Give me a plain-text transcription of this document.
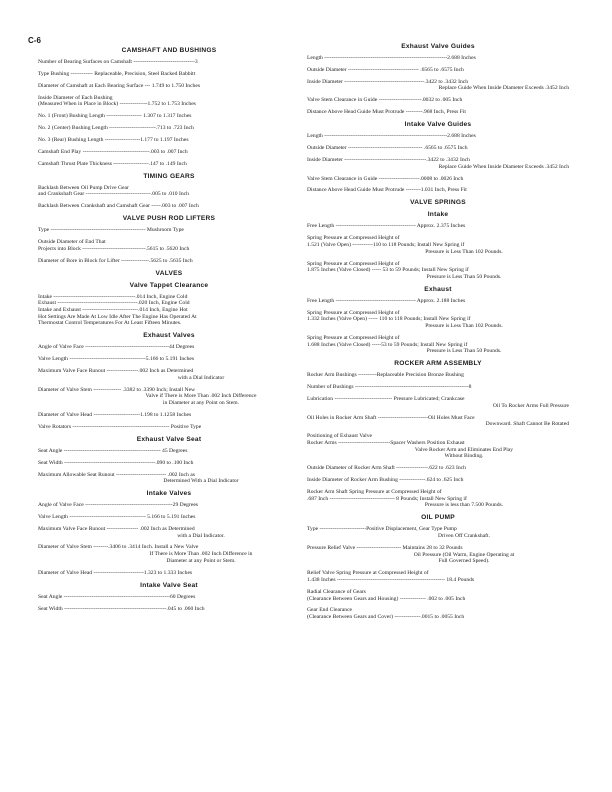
C-6
CAMSHAFT AND BUSHINGS
Number of Bearing Surfaces on Camshaft ---------------------------------3
Type Bushing ------------ Replaceable, Precision, Steel Backed Babbitt
Diameter of Camshaft at Each Bearing Surface --- 1.749 to 1.750 Inches
Inside Diameter of Each Bushing
(Measured When in Place in Block) ---------------1.752 to 1.753 Inches
No. 1 (Front) Bushing Length ------------------- 1.307 to 1.317 Inches
No. 2 (Center) Bushing Length -------------------------.713 to .723 Inch
No. 3 (Rear) Bushing Length -------------------1.177 to 1.197 Inches
Camshaft End Play ------------------------------------.003 to .007 Inch
Camshaft Thrust Plate Thickness -------------------.147 to .149 Inch
TIMING GEARS
Backlash Between Oil Pump Drive Gear
and Crankshaft Gear -----------------------------------.005 to .010 Inch
Backlash Between Crankshaft and Camshaft Gear -----.003 to .007 Inch
VALVE PUSH ROD LIFTERS
Type --------------------------------------------------- Mushroom Type
Outside Diameter of End That
Projects into Block ----------------------------------.5615 to .5620 Inch
Diameter of Bore in Block for Lifter ---------------.5625 to .5635 Inch
VALVES
Valve Tappet Clearance
Intake --------------------------------------------.014 Inch, Engine Cold
Exhaust -------------------------------------------.020 Inch, Engine Cold
Intake and Exhaust ------------------------------.014 Inch, Engine Hot
Hot Settings Are Made At Low Idle After The Engine Has Operated At
Thermostat Control Temperatures For At Least Fifteen Minutes.
Exhaust Valves
Angle of Valve Face ---------------------------------------------44 Degrees
Valve Length -----------------------------------------5.166 to 5.191 Inches
Maximum Valve Face Runout -----------------.002 Inch as Determined
with a Dial Indicator
Diameter of Valve Stem --------------- .3382 to .3390 Inch; Install New
Valve if There is More Than .002 Inch Difference
in Diameter at any Point on Stem.
Diameter of Valve Head -------------------------1.198 to 1.1258 Inches
Valve Rotators ---------------------------------------------------- Positive Type
Exhaust Valve Seat
Seat Angle ---------------------------------------------------- 45 Degrees
Seat Width -------------------------------------------------.090 to .100 Inch
Maximum Allowable Seat Runout --------------------------- .002 Inch as
Determined With a Dial Indicator
Intake Valves
Angle of Valve Face -----------------------------------------------29 Degrees
Valve Length ----------------------------------------- 5.166 to 5.191 Inches
Maximum Valve Face Runout ----------------- .002 Inch as Determined
with a Dial Indicator.
Diameter of Valve Stem --------.3406 to .3414 Inch. Install a New Valve
If There is More Than .002 Inch Difference in
Diameter at any Point or Stem.
Diameter of Valve Head ---------------------------1.323 to 1.333 Inches
Intake Valve Seat
Seat Angle ---------------------------------------------------------60 Degrees
Seat Width -------------------------------------------------------.045 to .060 Inch
Exhaust Valve Guides
Length ------------------------------------------------------------------2.688 Inches
Outside Diameter -------------------------------------- .6565 to .6575 Inch
Inside Diameter -------------------------------------------.3422 to .3432 Inch
Replace Guide When Inside Diameter Exceeds .3452 Inch
Valve Stem Clearance in Guide -----------------------.0032 to .005 Inch
Distance Above Head Guide Must Protrude ---------.968 Inch, Press Fit
Intake Valve Guides
Length ------------------------------------------------------------------2.688 Inches
Outside Diameter ---------------------------------------- .6565 to .6575 Inch
Inside Diameter --------------------------------------------.3422 to .3432 Inch
Replace Guide When Inside Diameter Exceeds .3452 Inch
Valve Stem Clearance in Guide ----------------------.0008 to .0026 Inch
Distance Above Head Guide Must Protrude --------1.031 Inch, Press Fit
VALVE SPRINGS
Intake
Free Length ------------------------------------------- Approx. 2.375 Inches
Spring Pressure at Compressed Height of
1.521 (Valve Open) -----------110 to 118 Pounds; Install New Spring if
Pressure is Less Than 102 Pounds.
Spring Pressure at Compressed Height of
1.875 Inches (Valve Closed) ----- 53 to 59 Pounds; Install New Spring if
Pressure is Less Than 50 Pounds.
Exhaust
Free Length ------------------------------------------- Approx. 2.188 Inches
Spring Pressure at Compressed Height of
1.332 Inches (Valve Open) ----- 110 to 118 Pounds; Install New Spring if
Pressure is Less Than 102 Pounds.
Spring Pressure at Compressed Height of
1.688 Inches (Valve Closed) -----53 to 59 Pounds; Install New Spring if
Pressure is Less Than 50 Pounds.
ROCKER ARM ASSEMBLY
Rocker Arm Bushings ----------Replaceable Precision Bronze Bushing
Number of Bushings -------------------------------------------------------------8
Lubrication ------------------------------- Pressure Lubricated; Crankcase
Oil To Rocker Arms Full Pressure
Oil Holes in Rocker Arm Shaft ---------------------------Oil Holes Must Face
Downward. Shaft Cannot Be Rotated
Positioning of Exhaust Valve
Rocker Arms ----------------------------Spacer Washers Position Exhaust
Valve Rocker Arm and Eliminates End Play
Without Binding.
Outside Diameter of Rocker Arm Shaft -----------------.622 to .623 Inch
Inside Diameter of Rocker Arm Bushing --------------.624 to .625 Inch
Rocker Arm Shaft Spring Pressure at Compressed Height of
.687 Inch ----------------------------------- 8 Pounds; Install New Spring if
Pressure is less than 7.500 Pounds.
OIL PUMP
Type -------------------------Positive Displacement, Gear Type Pump
Driven Off Crankshaft.
Pressure Relief Valve ------------------------ Maintains 28 to 32 Pounds
Oil Pressure (Oil Warm, Engine Operating at
Full Governed Speed).
Relief Valve Spring Pressure at Compressed Height of
1.438 Inches ---------------------------------------------------------- 18.4 Pounds
Radial Clearance of Gears
(Clearance Between Gears and Housing) -------------- .002 to .005 Inch
Gear End Clearance
(Clearance Between Gears and Cover) --------------.0015 to .0055 Inch
